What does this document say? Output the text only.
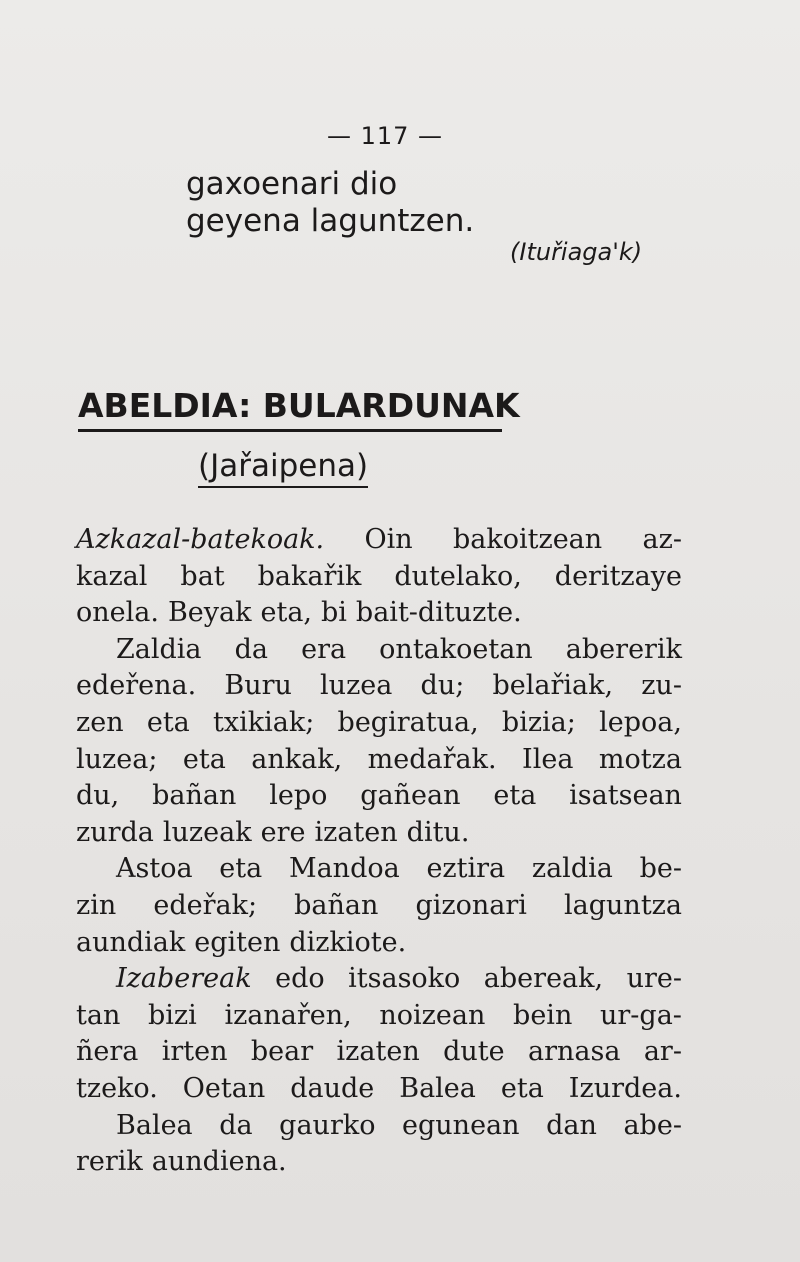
— 117 —
gaxoenari dio
geyena laguntzen.
(Ituřiaga'k)
ABELDIA: BULARDUNAK
(Jařaipena)
Azkazal-batekoak. Oin bakoitzean az-
kazal bat bakařik dutelako, deritzaye
onela. Beyak eta, bi bait-dituzte.
Zaldia da era ontakoetan abererik
edeřena. Buru luzea du; belařiak, zu-
zen eta txikiak; begiratua, bizia; lepoa,
luzea; eta ankak, medařak. Ilea motza
du, bañan lepo gañean eta isatsean
zurda luzeak ere izaten ditu.
Astoa eta Mandoa eztira zaldia be-
zin edeřak; bañan gizonari laguntza
aundiak egiten dizkiote.
Izabereak edo itsasoko abereak, ure-
tan bizi izanařen, noizean bein ur-ga-
ñera irten bear izaten dute arnasa ar-
tzeko. Oetan daude Balea eta Izurdea.
Balea da gaurko egunean dan abe-
rerik aundiena.
